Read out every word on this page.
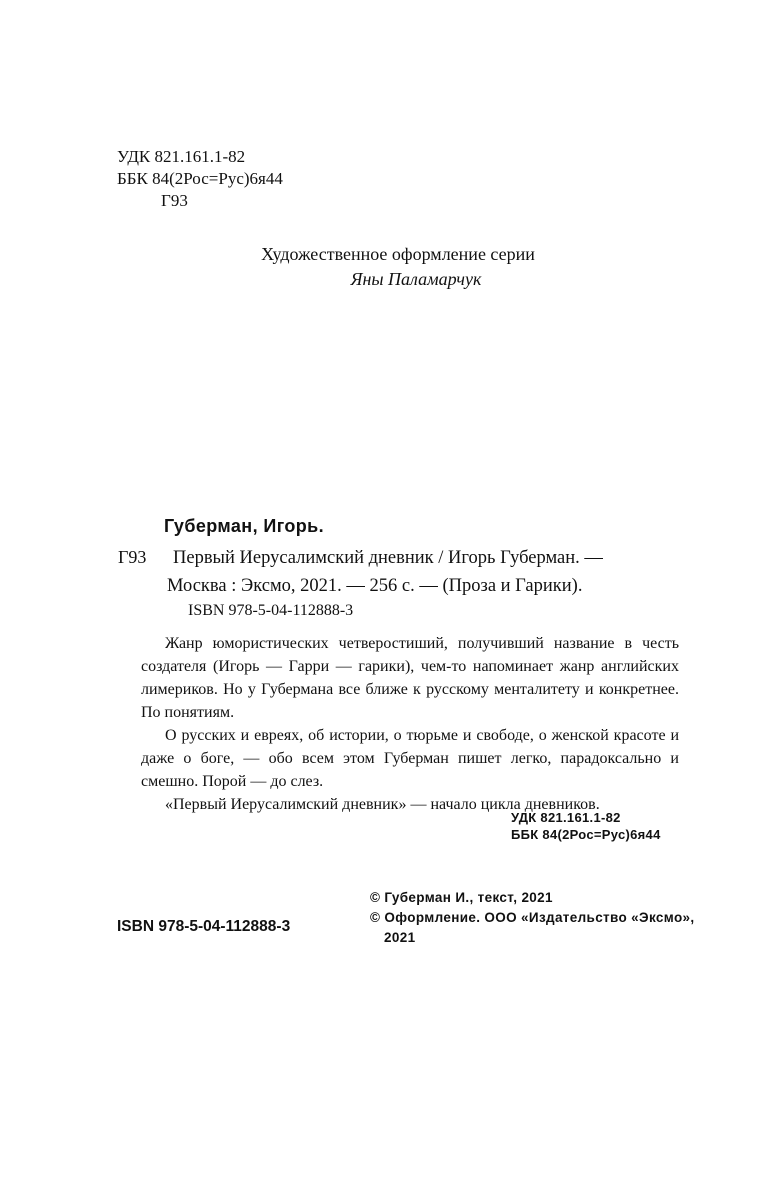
УДК 821.161.1-82
ББК 84(2Рос=Рус)6я44
Г93
Художественное оформление серии
Яны Паламарчук
Губерман, Игорь.
Г93	Первый Иерусалимский дневник / Игорь Губерман. —
Москва : Эксмо, 2021. — 256 с. — (Проза и Гарики).
ISBN 978-5-04-112888-3

Жанр юмористических четверостиший, получивший название в честь создателя (Игорь — Гарри — гарики), чем-то напоминает жанр английских лимериков. Но у Губермана все ближе к русскому менталитету и конкретнее. По понятиям.

О русских и евреях, об истории, о тюрьме и свободе, о женской красоте и даже о боге, — обо всем этом Губерман пишет легко, парадоксально и смешно. Порой — до слез.

«Первый Иерусалимский дневник» — начало цикла дневников.

УДК 821.161.1-82
ББК 84(2Рос=Рус)6я44
ISBN 978-5-04-112888-3
© Губерман И., текст, 2021
© Оформление. ООО «Издательство «Эксмо»,
2021
